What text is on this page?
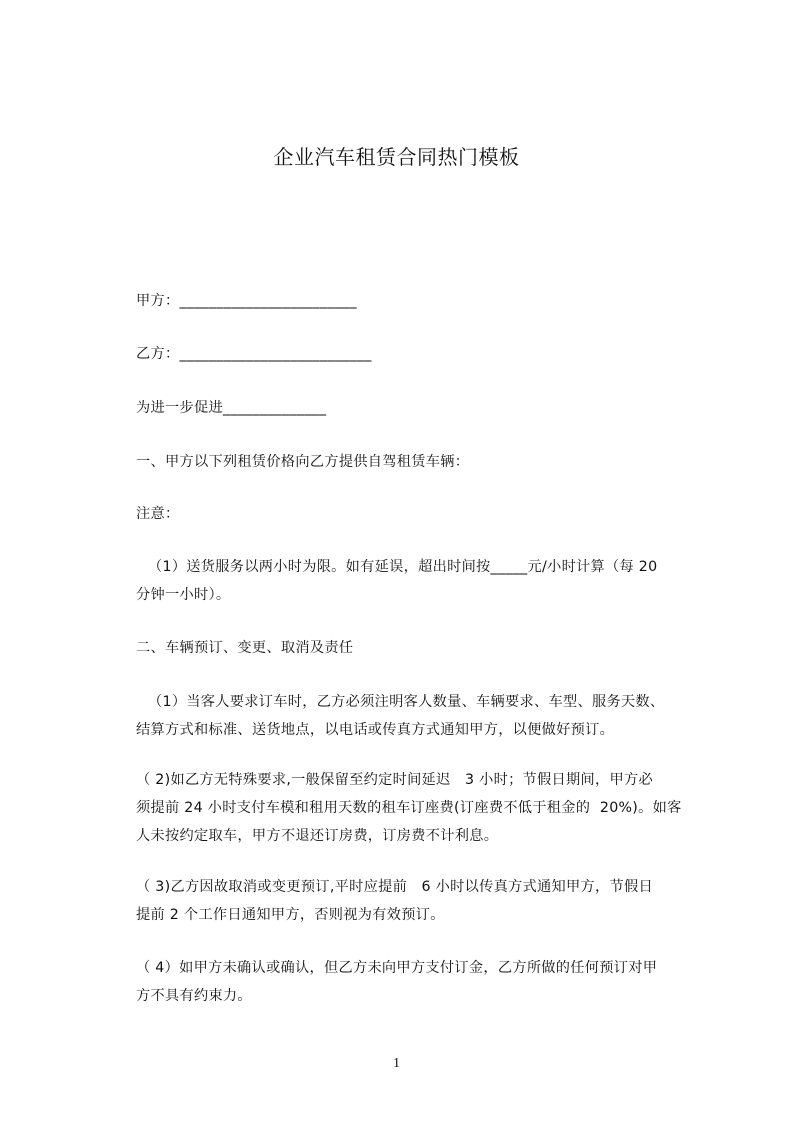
企业汽车租赁合同热门模板

甲方：________________________

乙方：__________________________

为进一步促进______________

一、甲方以下列租赁价格向乙方提供自驾租赁车辆：

注意：

（1）送货服务以两小时为限。如有延误，超出时间按_____元/小时计算（每 20
分钟一小时）。

二、车辆预订、变更、取消及责任

（1）当客人要求订车时，乙方必须注明客人数量、车辆要求、车型、服务天数、
结算方式和标准、送货地点，以电话或传真方式通知甲方，以便做好预订。
（ 2)如乙方无特殊要求,一般保留至约定时间延迟   3 小时；节假日期间，甲方必
须提前 24 小时支付车模和租用天数的租车订座费(订座费不低于租金的  20%)。如客
人未按约定取车，甲方不退还订房费，订房费不计利息。
（ 3)乙方因故取消或变更预订,平时应提前   6 小时以传真方式通知甲方，节假日
提前 2 个工作日通知甲方，否则视为有效预订。
（ 4）如甲方未确认或确认，但乙方未向甲方支付订金，乙方所做的任何预订对甲
方不具有约束力。
1
